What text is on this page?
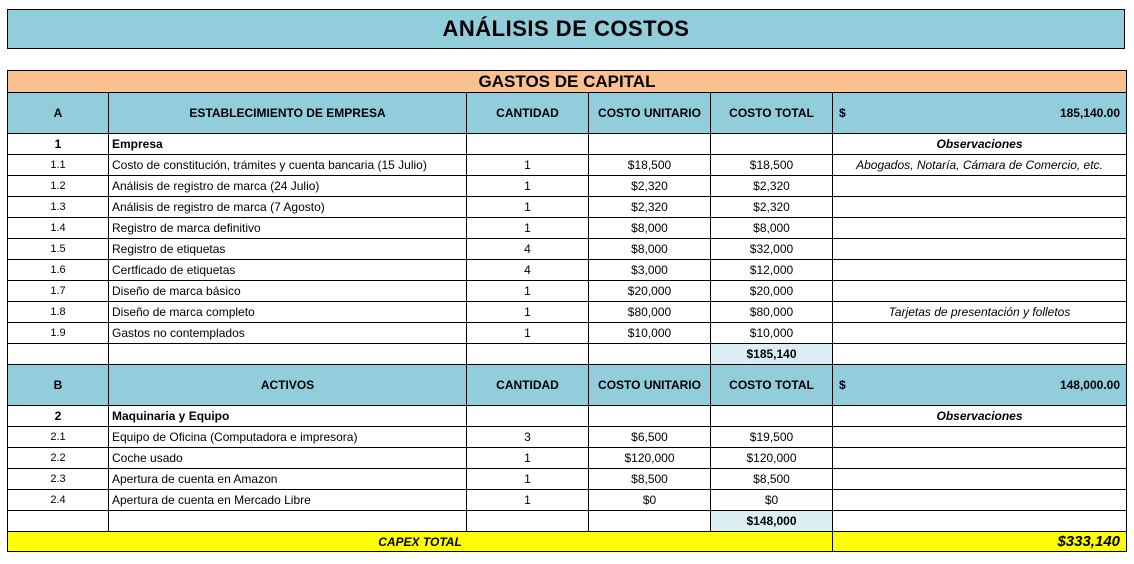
ANÁLISIS DE COSTOS
GASTOS DE CAPITAL					
A	ESTABLECIMIENTO DE EMPRESA	CANTIDAD	COSTO UNITARIO	COSTO TOTAL	$ 185,140.00

1	Empresa				Observaciones
1.1	Costo de constitución, trámites y cuenta bancaria (15 Julio)	1	$18,500	$18,500	Abogados, Notaría, Cámara de Comercio, etc.
1.2	Análisis de registro de marca (24 Julio)	1	$2,320	$2,320	
1.3	Análisis de registro de marca (7 Agosto)	1	$2,320	$2,320	
1.4	Registro de marca definitivo	1	$8,000	$8,000	
1.5	Registro de etiquetas	4	$8,000	$32,000	
1.6	Certficado de etiquetas	4	$3,000	$12,000	
1.7	Diseño de marca básico	1	$20,000	$20,000	
1.8	Diseño de marca completo	1	$80,000	$80,000	Tarjetas de presentación y folletos
1.9	Gastos no contemplados	1	$10,000	$10,000	
				$185,140	
B	ACTIVOS	CANTIDAD	COSTO UNITARIO	COSTO TOTAL	$ 148,000.00

2	Maquinaria y Equipo				Observaciones
2.1	Equipo de Oficina (Computadora e impresora)	3	$6,500	$19,500	
2.2	Coche usado	1	$120,000	$120,000	
2.3	Apertura de cuenta en Amazon	1	$8,500	$8,500	
2.4	Apertura de cuenta en Mercado Libre	1	$0	$0	
				$148,000	
CAPEX TOTAL					$333,140
